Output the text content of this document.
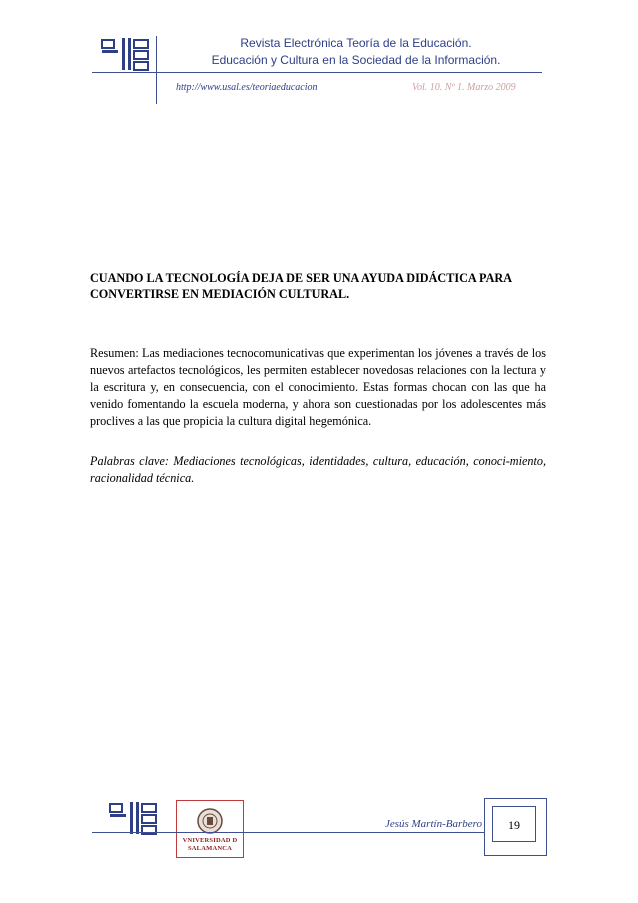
Revista Electrónica Teoría de la Educación.
Educación y Cultura en la Sociedad de la Información.
http://www.usal.es/teoriaeducacion	Vol. 10. Nº 1. Marzo 2009
CUANDO LA TECNOLOGÍA DEJA DE SER UNA AYUDA DIDÁCTICA PARA CONVERTIRSE EN MEDIACIÓN CULTURAL.
Resumen: Las mediaciones tecnocomunicativas que experimentan los jóvenes a través de los nuevos artefactos tecnológicos, les permiten establecer novedosas relaciones con la lectura y la escritura y, en consecuencia, con el conocimiento. Estas formas chocan con las que ha venido fomentando la escuela moderna, y ahora son cuestionadas por los adolescentes más proclives a las que propicia la cultura digital hegemónica.
Palabras clave: Mediaciones tecnológicas, identidades, cultura, educación, conoci-miento, racionalidad técnica.
VNIVERSIDAD D SALAMANCA
Jesús Martín-Barbero	19
